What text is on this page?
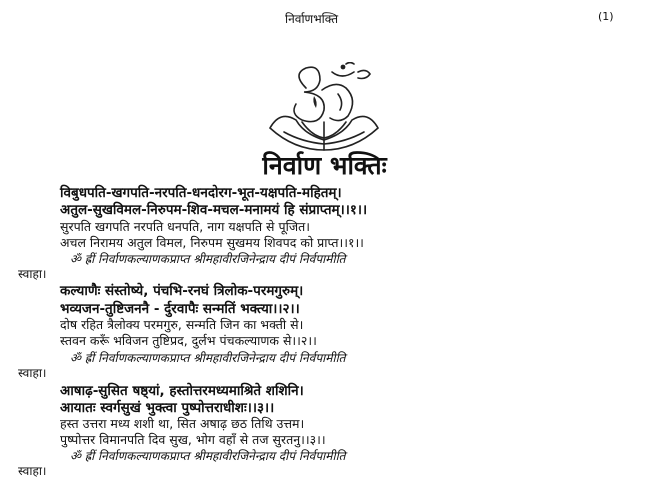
निर्वाणभक्ति	(1)
निर्वाण भक्तिः
विबुधपति-खगपति-नरपति-धनदोरग-भूत-यक्षपति-महितम्।
अतुल-सुखविमल-निरुपम-शिव-मचल-मनामयं हि संप्राप्तम्।।१।।
सुरपति खगपति नरपति धनपति, नाग यक्षपति से पूजित।
अचल निरामय अतुल विमल, निरुपम सुखमय शिवपद को प्राप्त।।१।।
ॐ ह्रीं निर्वाणकल्याणकप्राप्त श्रीमहावीरजिनेन्द्राय दीपं निर्वपामीति
स्वाहा।
कल्याणैः संस्तोष्ये, पंचभि-रनघं त्रिलोक-परमगुरुम्।
भव्यजन-तुष्टिजननै - र्दुरवापैः सन्मतिं भक्त्या।।२।।
दोष रहित त्रैलोक्य परमगुरु, सन्मति जिन का भक्ती से।
स्तवन करूँ भविजन तुष्टिप्रद, दुर्लभ पंचकल्याणक से।।२।।
ॐ ह्रीं निर्वाणकल्याणकप्राप्त श्रीमहावीरजिनेन्द्राय दीपं निर्वपामीति
स्वाहा।
आषाढ़-सुसित षष्ठ्यां, हस्तोत्तरमध्यमाश्रिते शशिनि।
आयातः स्वर्गसुखं भुक्त्वा पुष्पोत्तराधीशः।।३।।
हस्त उत्तरा मध्य शशी था, सित अषाढ़ छठ तिथि उत्तम।
पुष्पोत्तर विमानपति दिव सुख, भोग वहाँ से तज सुरतनु।।३।।
ॐ ह्रीं निर्वाणकल्याणकप्राप्त श्रीमहावीरजिनेन्द्राय दीपं निर्वपामीति
स्वाहा।
